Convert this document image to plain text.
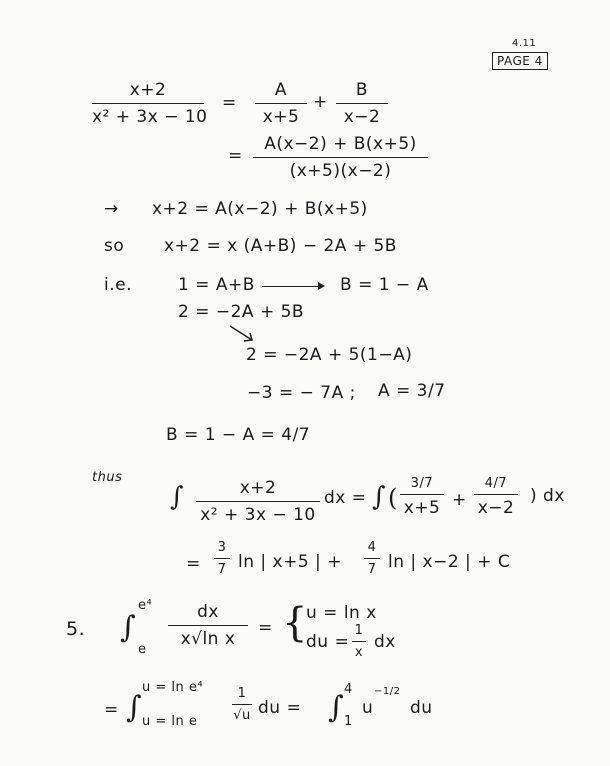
4.11
PAGE 4
x+2
x² + 3x − 10
=
A
x+5
+
B
x−2
=
A(x−2) + B(x+5)
(x+5)(x−2)
→ x+2 = A(x−2) + B(x+5)
so x+2 = x (A+B) − 2A + 5B
i.e.	1 = A+B	B = 1 − A
2 = −2A + 5B
2 = −2A + 5(1−A)
−3 = − 7A ; A = 3/7
B = 1 − A = 4/7
thus
∫	x+2
x² + 3x − 10
dx = ∫ (
3/7
x+5 +
4/7
x−2
) dx
=
3
7 ln | x+5 | +
4
7 ln | x−2 | + C
5. ∫
e⁴
e
dx
x√ln x
= {
u = ln x
du =
1
x
dx
= ∫
u = ln e⁴
u = ln e
1
√u du = ∫
4
1
u
−1/2
du
